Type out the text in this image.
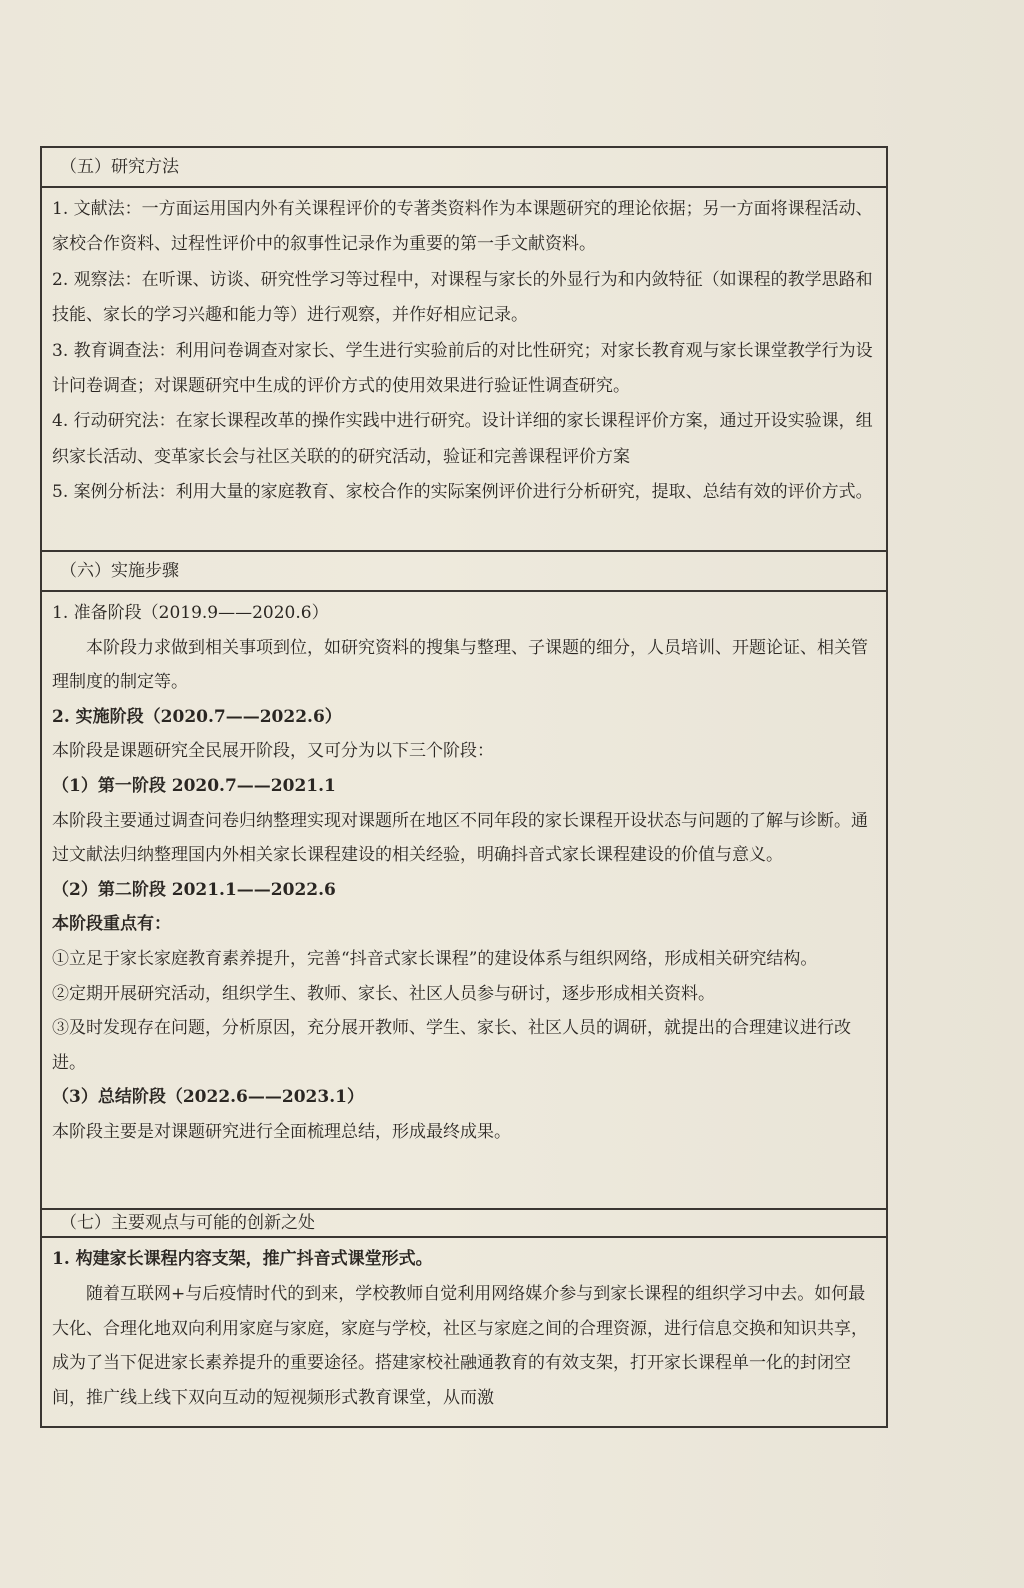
（五）研究方法

1. 文献法：一方面运用国内外有关课程评价的专著类资料作为本课题研究的理论依据；另一方面将课程活动、家校合作资料、过程性评价中的叙事性记录作为重要的第一手文献资料。

2. 观察法：在听课、访谈、研究性学习等过程中，对课程与家长的外显行为和内敛特征（如课程的教学思路和技能、家长的学习兴趣和能力等）进行观察，并作好相应记录。

3. 教育调查法：利用问卷调查对家长、学生进行实验前后的对比性研究；对家长教育观与家长课堂教学行为设计问卷调查；对课题研究中生成的评价方式的使用效果进行验证性调查研究。

4. 行动研究法：在家长课程改革的操作实践中进行研究。设计详细的家长课程评价方案，通过开设实验课，组织家长活动、变革家长会与社区关联的的研究活动，验证和完善课程评价方案

5. 案例分析法：利用大量的家庭教育、家校合作的实际案例评价进行分析研究，提取、总结有效的评价方式。

（六）实施步骤

1. 准备阶段（2019.9——2020.6）

本阶段力求做到相关事项到位，如研究资料的搜集与整理、子课题的细分，人员培训、开题论证、相关管理制度的制定等。

2. 实施阶段（2020.7——2022.6）

本阶段是课题研究全民展开阶段，又可分为以下三个阶段：

（1）第一阶段 2020.7——2021.1

本阶段主要通过调查问卷归纳整理实现对课题所在地区不同年段的家长课程开设状态与问题的了解与诊断。通过文献法归纳整理国内外相关家长课程建设的相关经验，明确抖音式家长课程建设的价值与意义。

（2）第二阶段 2021.1——2022.6

本阶段重点有：

①立足于家长家庭教育素养提升，完善“抖音式家长课程”的建设体系与组织网络，形成相关研究结构。

②定期开展研究活动，组织学生、教师、家长、社区人员参与研讨，逐步形成相关资料。

③及时发现存在问题，分析原因，充分展开教师、学生、家长、社区人员的调研，就提出的合理建议进行改进。

（3）总结阶段（2022.6——2023.1）

本阶段主要是对课题研究进行全面梳理总结，形成最终成果。

（七）主要观点与可能的创新之处

1. 构建家长课程内容支架，推广抖音式课堂形式。

随着互联网+与后疫情时代的到来，学校教师自觉利用网络媒介参与到家长课程的组织学习中去。如何最大化、合理化地双向利用家庭与家庭，家庭与学校，社区与家庭之间的合理资源，进行信息交换和知识共享，成为了当下促进家长素养提升的重要途径。搭建家校社融通教育的有效支架，打开家长课程单一化的封闭空间，推广线上线下双向互动的短视频形式教育课堂，从而激
